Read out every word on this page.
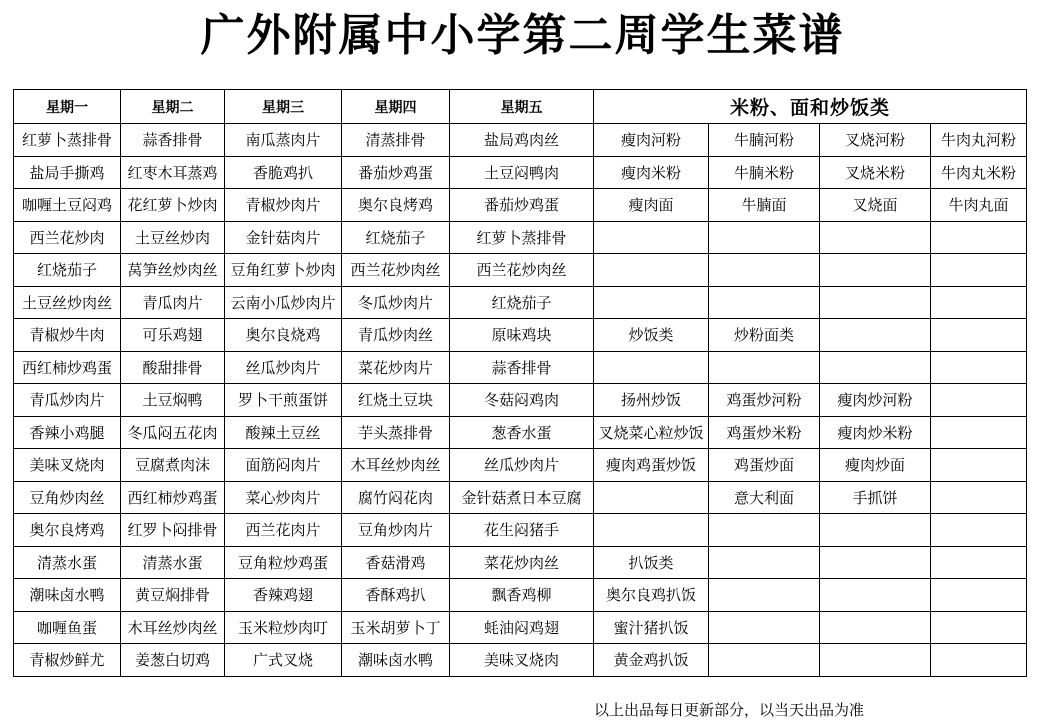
广外附属中小学第二周学生菜谱
星期一	星期二	星期三	星期四	星期五	米粉、面和炒饭类			
红萝卜蒸排骨	蒜香排骨	南瓜蒸肉片	清蒸排骨	盐局鸡肉丝	瘦肉河粉	牛腩河粉	叉烧河粉	牛肉丸河粉
盐局手撕鸡	红枣木耳蒸鸡	香脆鸡扒	番茄炒鸡蛋	土豆闷鸭肉	瘦肉米粉	牛腩米粉	叉烧米粉	牛肉丸米粉
咖喱土豆闷鸡	花红萝卜炒肉	青椒炒肉片	奥尔良烤鸡	番茄炒鸡蛋	瘦肉面	牛腩面	叉烧面	牛肉丸面
西兰花炒肉	土豆丝炒肉	金针菇肉片	红烧茄子	红萝卜蒸排骨				
红烧茄子	莴笋丝炒肉丝	豆角红萝卜炒肉	西兰花炒肉丝	西兰花炒肉丝				
土豆丝炒肉丝	青瓜肉片	云南小瓜炒肉片	冬瓜炒肉片	红烧茄子				
青椒炒牛肉	可乐鸡翅	奥尔良烧鸡	青瓜炒肉丝	原味鸡块	炒饭类	炒粉面类		
西红柿炒鸡蛋	酸甜排骨	丝瓜炒肉片	菜花炒肉片	蒜香排骨				
青瓜炒肉片	土豆焖鸭	罗卜干煎蛋饼	红烧土豆块	冬菇闷鸡肉	扬州炒饭	鸡蛋炒河粉	瘦肉炒河粉	
香辣小鸡腿	冬瓜闷五花肉	酸辣土豆丝	芋头蒸排骨	葱香水蛋	叉烧菜心粒炒饭	鸡蛋炒米粉	瘦肉炒米粉	
美味叉烧肉	豆腐煮肉沫	面筋闷肉片	木耳丝炒肉丝	丝瓜炒肉片	瘦肉鸡蛋炒饭	鸡蛋炒面	瘦肉炒面	
豆角炒肉丝	西红柿炒鸡蛋	菜心炒肉片	腐竹闷花肉	金针菇煮日本豆腐		意大利面	手抓饼	
奥尔良烤鸡	红罗卜闷排骨	西兰花肉片	豆角炒肉片	花生闷猪手				
清蒸水蛋	清蒸水蛋	豆角粒炒鸡蛋	香菇滑鸡	菜花炒肉丝	扒饭类			
潮味卤水鸭	黄豆焖排骨	香辣鸡翅	香酥鸡扒	飘香鸡柳	奥尔良鸡扒饭			
咖喱鱼蛋	木耳丝炒肉丝	玉米粒炒肉叮	玉米胡萝卜丁	蚝油闷鸡翅	蜜汁猪扒饭			
青椒炒鲜尤	姜葱白切鸡	广式叉烧	潮味卤水鸭	美味叉烧肉	黄金鸡扒饭			
以上出品每日更新部分，以当天出品为准
